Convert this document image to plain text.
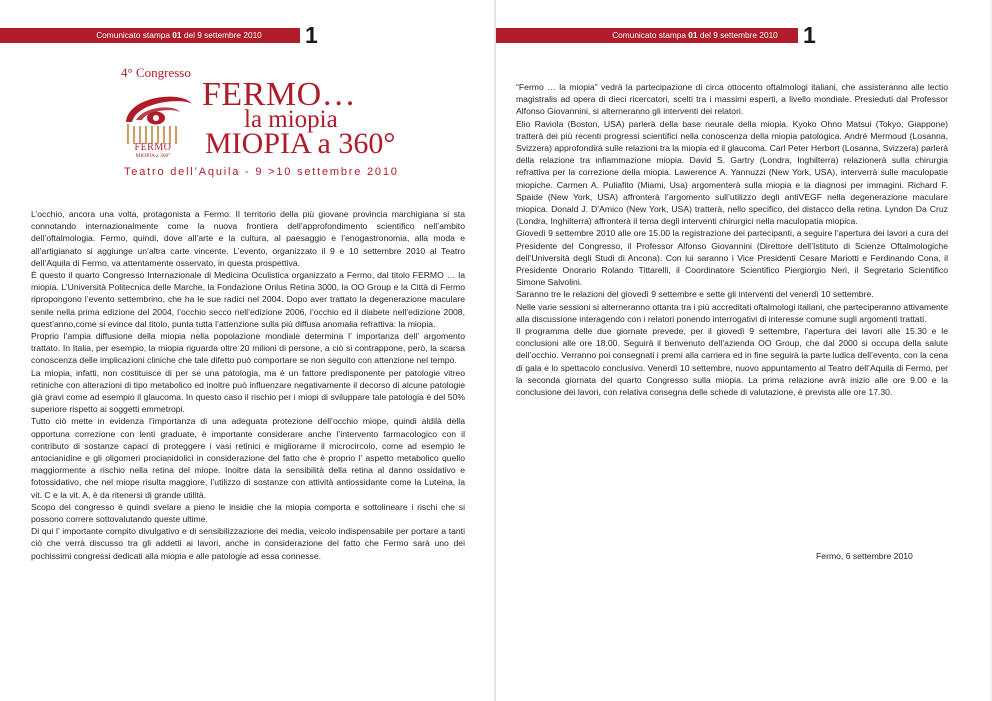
Comunicato stampa 01 del 9 settembre 2010	1
4° Congresso
FERMO
MIOPIA a 360°
FERMO…
la miopia
MIOPIA a 360°
Teatro dell’Aquila - 9 >10 settembre 2010

L’occhio, ancora una volta, protagonista a Fermo. Il territorio della più giovane provincia marchigiana si sta connotando internazionalmente come la nuova frontiera dell’approfondimento scientifico nell’ambito dell’oftalmologia. Fermo, quindi, dove all’arte e la cultura, al paesaggio e l’enogastronomia, alla moda e all’artigianato si aggiunge un’altra carte vincente. L’evento, organizzato il 9 e 10 settembre 2010 al Teatro dell’Aquila di Fermo, va attentamente osservato, in questa prospettiva.

È questo il quarto Congresso Internazionale di Medicina Oculistica organizzato a Fermo, dal titolo FERMO … la miopia. L’Università Politecnica delle Marche, la Fondazione Onlus Retina 3000, la OO Group e la Città di Fermo ripropongono l’evento settembrino, che ha le sue radici nel 2004. Dopo aver trattato la degenerazione maculare senile nella prima edizione del 2004, l’occhio secco nell’edizione 2006, l’occhio ed il diabete nell’edizione 2008, quest’anno,come si evince dal titolo, punta tutta l’attenzione sulla più diffusa anomalia refrattiva: la miopia.

Proprio l’ampia diffusione della miopia nella popolazione mondiale determina l’ importanza dell’ argomento trattato. In Italia, per esempio, la miopia riguarda oltre 20 milioni di persone, a ciò si contrappone, però, la scarsa conoscenza delle implicazioni cliniche che tale difetto può comportare se non seguito con attenzione nel tempo.

La miopia, infatti, non costituisce di per se una patologia, ma è un fattore predisponente per patologie vitreo retiniche con alterazioni di tipo metabolico ed inoltre può influenzare negativamente il decorso di alcune patologie già gravi come ad esempio il glaucoma. In questo caso il rischio per i miopi di sviluppare tale patologia è del 50% superiore rispetto ai soggetti emmetropi.

Tutto ciò mette in evidenza l’importanza di una adeguata protezione dell’occhio miope, quindi aldilà della opportuna correzione con lenti graduate, è importante considerare anche l’intervento farmacologico con il contributo di sostanze capaci di proteggere i vasi retinici e migliorarne il microcircolo, come ad esempio le antocianidine e gli oligomeri procianidolici in considerazione del fatto che è proprio l’ aspetto metabolico quello maggiormente a rischio nella retina del miope. Inoltre data la sensibilità della retina al danno ossidativo e fotossidativo, che nel miope risulta maggiore, l’utilizzo di sostanze con attività antiossidante come la Luteina, la vit. C e la vit. A, è da ritenersi di grande utilità.

Scopo del congresso è quindi svelare a pieno le insidie che la miopia comporta e sottolineare i rischi che si possono correre sottovalutando queste ultime.

Di qui l’ importante compito divulgativo e di sensibilizzazione dei media, veicolo indispensabile per portare a tanti ciò che verrà discusso tra gli addetti ai lavori, anche in considerazione del fatto che Fermo sarà uno dei pochissimi congressi dedicati alla miopia e alle patologie ad essa connesse.

Comunicato stampa 01 del 9 settembre 2010	1

“Fermo … la miopia” vedrà la partecipazione di circa ottocento oftalmologi italiani, che assisteranno alle lectio magistralis ad opera di dieci ricercatori, scelti tra i massimi esperti, a livello mondiale. Presieduti dal Professor Alfonso Giovannini, si alterneranno gli interventi dei relatori.

Elio Raviola (Boston, USA) parlerà della base neurale della miopia. Kyoko Ohno Matsui (Tokyo, Giappone) tratterà dei più recenti progressi scientifici nella conoscenza della miopia patologica. André Mermoud (Losanna, Svizzera) approfondirà sulle relazioni tra la miopia ed il glaucoma. Carl Peter Herbort (Losanna, Svizzera) parlerà della relazione tra infiammazione miopia. David S. Gartry (Londra, Inghilterra) relazionerà sulla chirurgia refrattiva per la correzione della miopia. Lawerence A. Yannuzzi (New York, USA), interverrà sulle maculopatie miopiche. Carmen A. Puliafito (Miami, Usa) argomenterà sulla miopia e la diagnosi per immagini. Richard F. Spaide (New York, USA) affronterà l’argomento sull’utilizzo degli antiVEGF nella degenerazione maculare miopica. Donald J. D’Amico (New York, USA) tratterà, nello specifico, del distacco della retina. Lyndon Da Cruz (Londra, Inghilterra) affronterà il tema degli interventi chirurgici nella maculopatia miopica.

Giovedì 9 settembre 2010 alle ore 15.00 la registrazione dei partecipanti, a seguire l’apertura dei lavori a cura del Presidente del Congresso, il Professor Alfonso Giovannini (Direttore dell’Istituto di Scienze Oftalmologiche dell’Università degli Studi di Ancona). Con lui saranno i Vice Presidenti Cesare Mariotti e Ferdinando Cona, il Presidente Onorario Rolando Tittarelli, il Coordinatore Scientifico Piergiorgio Neri, il Segretario Scientifico Simone Salvolini.

Saranno tre le relazioni del giovedì 9 settembre e sette gli interventi del venerdì 10 settembre.

Nelle varie sessioni si alterneranno ottanta tra i più accreditati oftalmologi italiani, che parteciperanno attivamente alla discussione interagendo con i relatori ponendo interrogativi di interesse comune sugli argomenti trattati.

Il programma delle due giornate prevede, per il giovedì 9 settembre, l’apertura dei lavori alle 15.30 e le conclusioni alle ore 18.00. Seguirà il benvenuto dell’azienda OO Group, che dal 2000 si occupa della salute dell’occhio. Verranno poi consegnati i premi alla carriera ed in fine seguirà la parte ludica dell’evento, con la cena di gala e lo spettacolo conclusivo. Venerdì 10 settembre, nuovo appuntamento al Teatro dell’Aquila di Fermo, per la seconda giornata del quarto Congresso sulla miopia. La prima relazione avrà inizio alle ore 9.00 e la conclusione dei lavori, con relativa consegna delle schede di valutazione, è prevista alle ore 17.30.

Fermo, 6 settembre 2010
